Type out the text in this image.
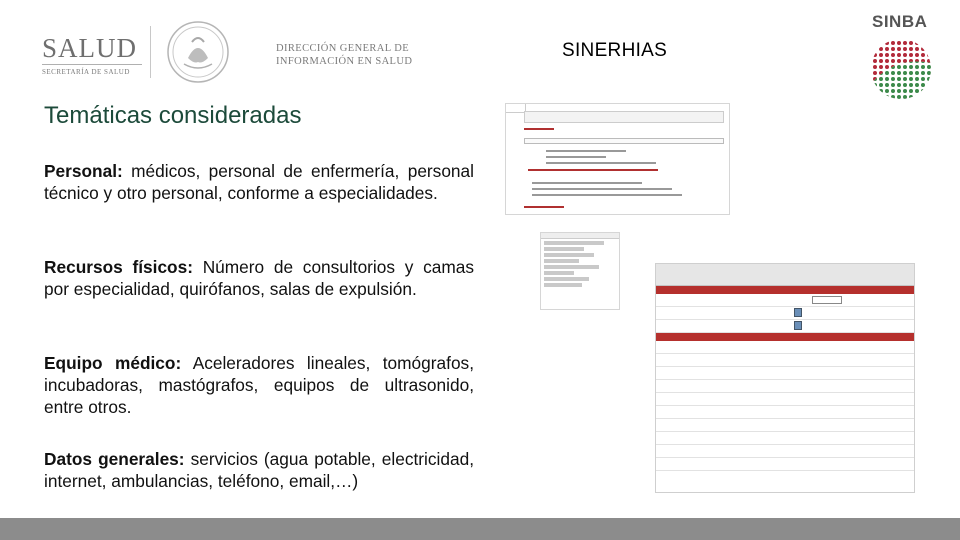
SALUD
SECRETARÍA DE SALUD
DIRECCIÓN GENERAL DE
INFORMACIÓN EN SALUD
SINERHIAS
SINBA
Temáticas consideradas
Personal: médicos, personal de enfermería, personal técnico y otro personal, conforme a especialidades.
Recursos físicos: Número de consultorios y camas por especialidad, quirófanos, salas de expulsión.
Equipo médico: Aceleradores lineales, tomógrafos, incubadoras, mastógrafos, equipos de ultrasonido, entre otros.
Datos generales: servicios (agua potable, electricidad, internet, ambulancias, teléfono, email,…)
